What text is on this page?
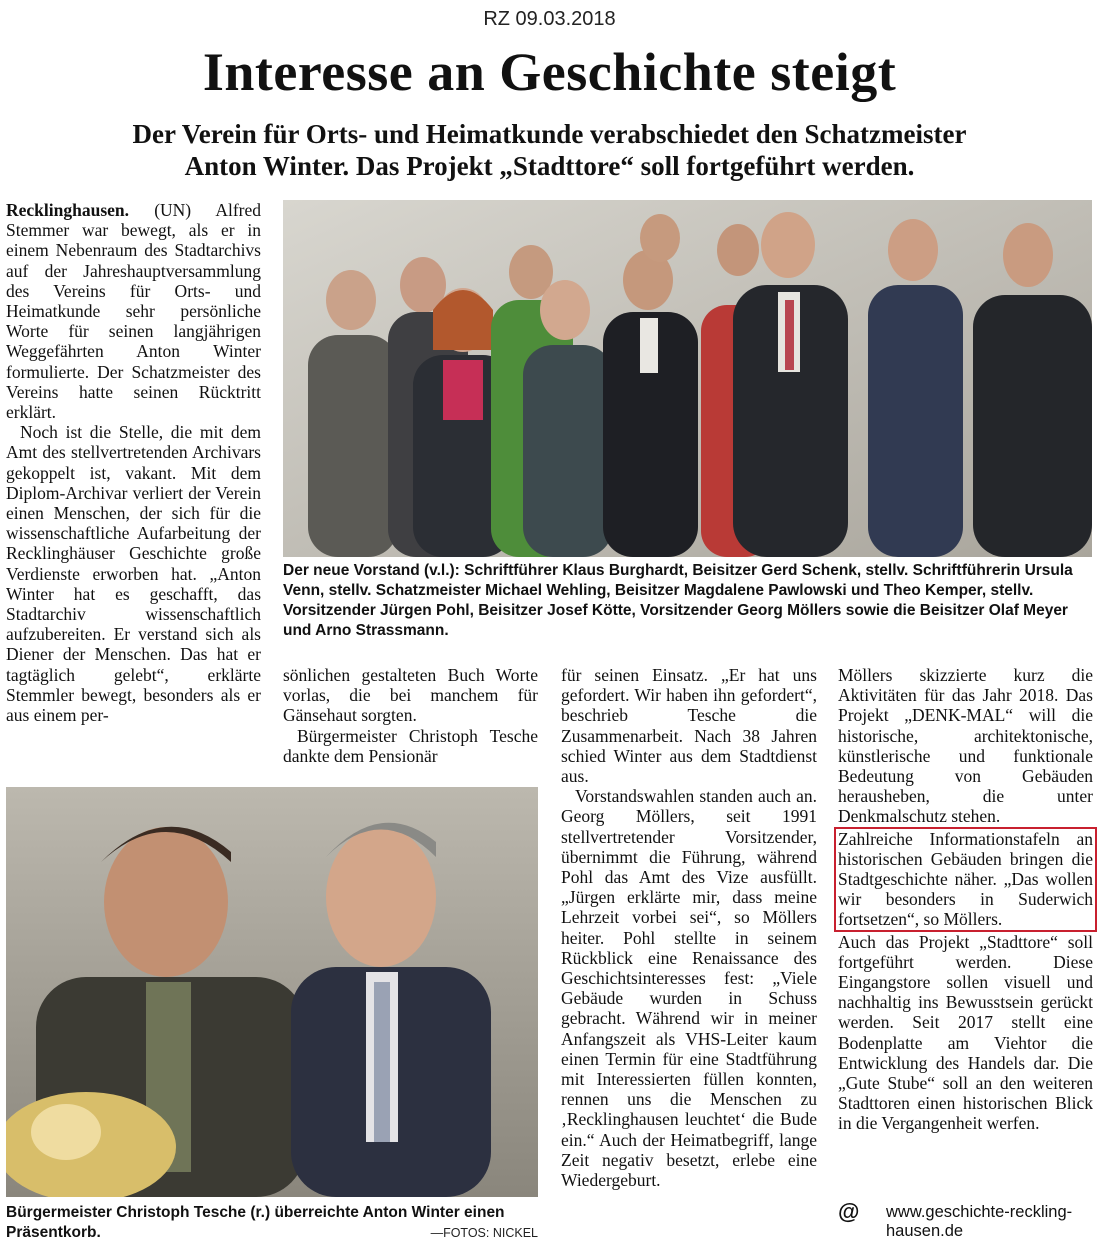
RZ 09.03.2018
Interesse an Geschichte steigt
Der Verein für Orts- und Heimatkunde verabschiedet den Schatzmeister
Anton Winter. Das Projekt „Stadttore“ soll fortgeführt werden.

Recklinghausen. (UN) Alfred Stemmer war bewegt, als er in einem Nebenraum des Stadtarchivs auf der Jahreshauptversammlung des Vereins für Orts- und Heimatkunde sehr persönliche Worte für seinen langjährigen Weggefährten Anton Winter formulierte. Der Schatzmeister des Vereins hatte seinen Rücktritt erklärt.

Noch ist die Stelle, die mit dem Amt des stellvertretenden Archivars gekoppelt ist, vakant. Mit dem Diplom-Archivar verliert der Verein einen Menschen, der sich für die wissenschaftliche Aufarbeitung der Recklinghäuser Geschichte große Verdienste erworben hat. „Anton Winter hat es geschafft, das Stadtarchiv wissenschaftlich aufzubereiten. Er verstand sich als Diener der Menschen. Das hat er tagtäglich gelebt“, erklärte Stemmler bewegt, besonders als er aus einem per-

Der neue Vorstand (v.l.): Schriftführer Klaus Burghardt, Beisitzer Gerd Schenk, stellv. Schriftführerin Ursula Venn, stellv. Schatzmeister Michael Wehling, Beisitzer Magdalene Pawlowski und Theo Kemper, stellv. Vorsitzender Jürgen Pohl, Beisitzer Josef Kötte, Vorsitzender Georg Möllers sowie die Beisitzer Olaf Meyer und Arno Strassmann.

sönlichen gestalteten Buch Worte vorlas, die bei manchem für Gänsehaut sorgten.

Bürgermeister Christoph Tesche dankte dem Pensionär

Bürgermeister Christoph Tesche (r.) überreichte Anton Winter einen Präsentkorb.	—FOTOS: NICKEL

für seinen Einsatz. „Er hat uns gefordert. Wir haben ihn gefordert“, beschrieb Tesche die Zusammenarbeit. Nach 38 Jahren schied Winter aus dem Stadtdienst aus.

Vorstandswahlen standen auch an. Georg Möllers, seit 1991 stellvertretender Vorsitzender, übernimmt die Führung, während Pohl das Amt des Vize ausfüllt. „Jürgen erklärte mir, dass meine Lehrzeit vorbei sei“, so Möllers heiter. Pohl stellte in seinem Rückblick eine Renaissance des Geschichtsinteresses fest: „Viele Gebäude wurden in Schuss gebracht. Während wir in meiner Anfangszeit als VHS-Leiter kaum einen Termin für eine Stadtführung mit Interessierten füllen konnten, rennen uns die Menschen zu ‚Recklinghausen leuchtet‘ die Bude ein.“ Auch der Heimatbegriff, lange Zeit negativ besetzt, erlebe eine Wiedergeburt.

Möllers skizzierte kurz die Aktivitäten für das Jahr 2018. Das Projekt „DENK-MAL“ will die historische, architektonische, künstlerische und funktionale Bedeutung von Gebäuden herausheben, die unter Denkmalschutz stehen.

Zahlreiche Informationstafeln an historischen Gebäuden bringen die Stadtgeschichte näher. „Das wollen wir besonders in Suderwich fortsetzen“, so Möllers.

Auch das Projekt „Stadttore“ soll fortgeführt werden. Diese Eingangstore sollen visuell und nachhaltig ins Bewusstsein gerückt werden. Seit 2017 stellt eine Bodenplatte am Viehtor die Entwicklung des Handels dar. Die „Gute Stube“ soll an den weiteren Stadttoren einen historischen Blick in die Vergangenheit werfen.

@ www.geschichte-reckling-
hausen.de
